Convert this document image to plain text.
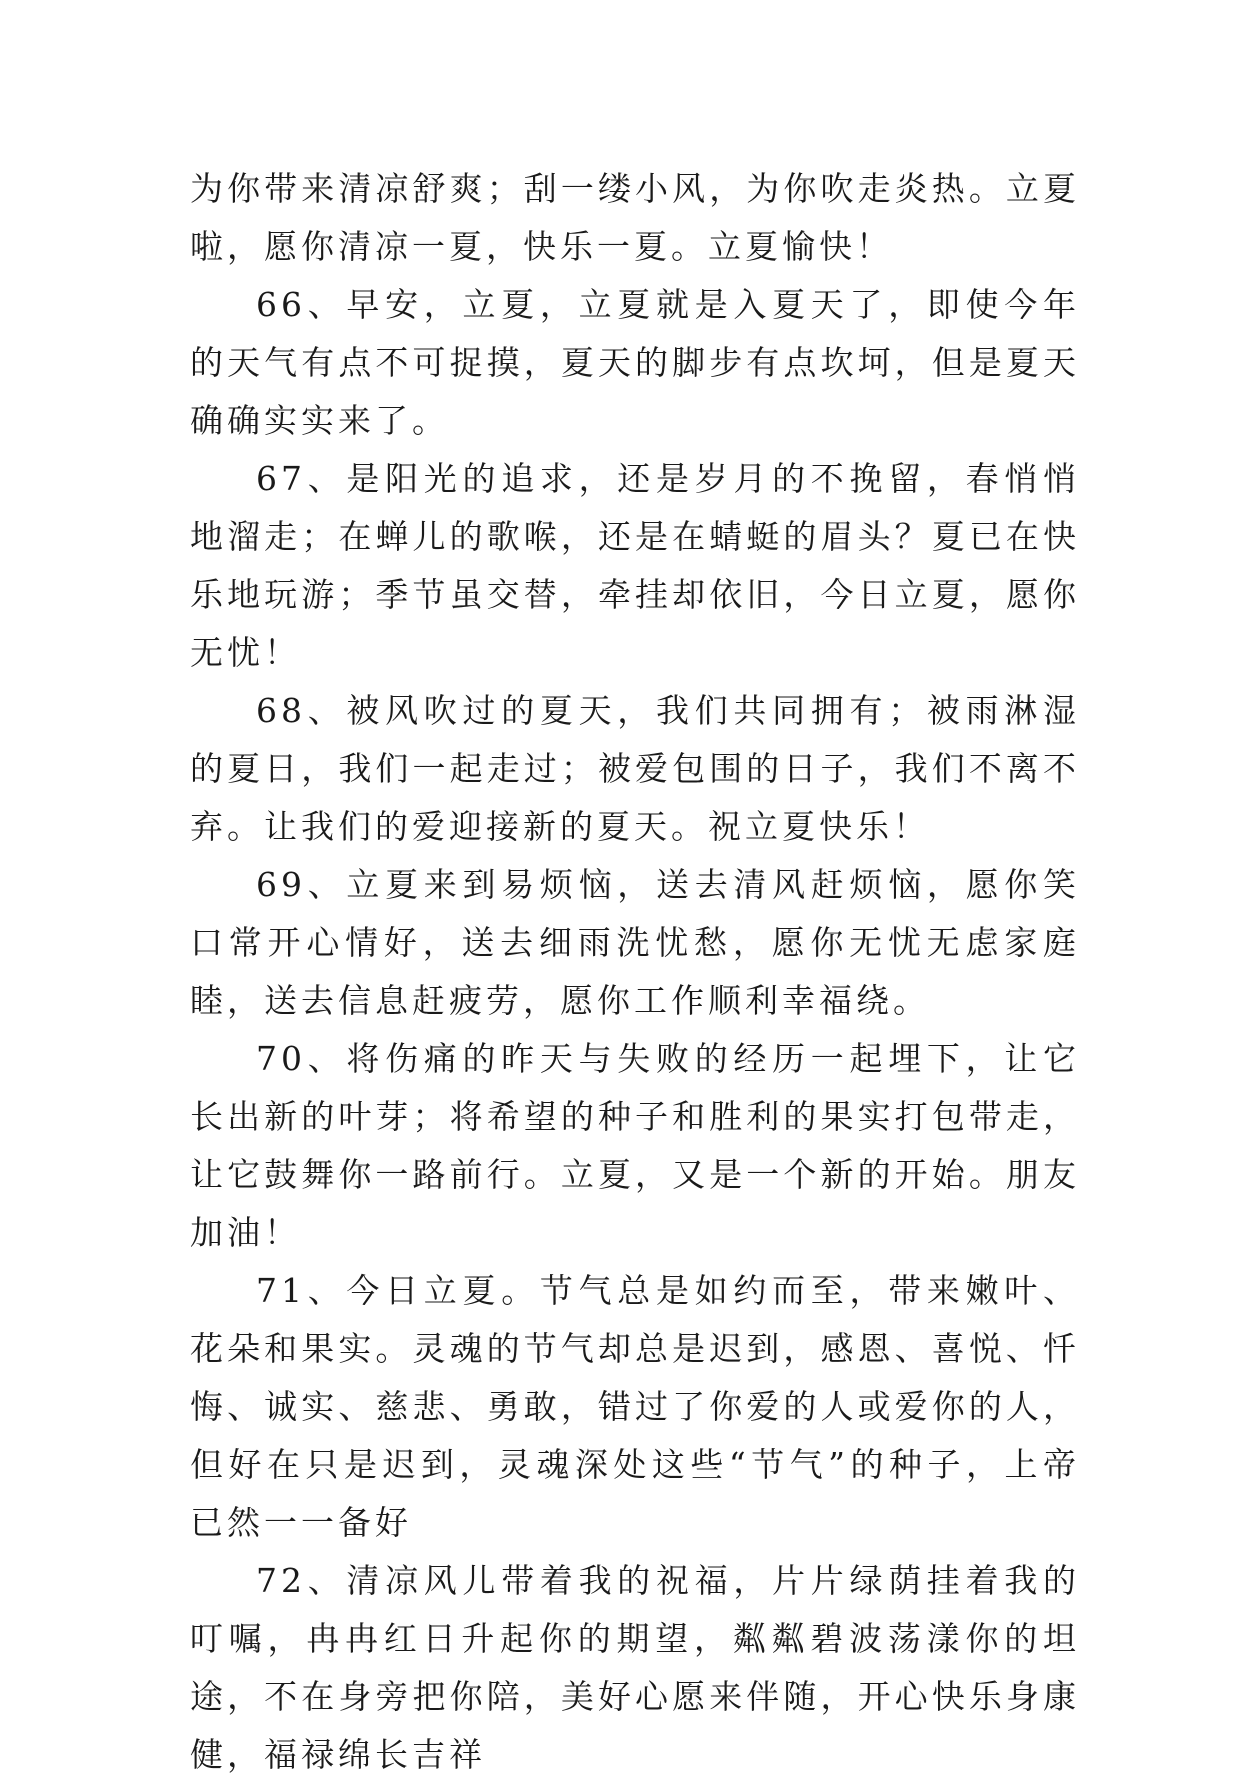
为你带来清凉舒爽；刮一缕小风，为你吹走炎热。立夏啦，愿你清凉一夏，快乐一夏。立夏愉快！

66、早安，立夏，立夏就是入夏天了，即使今年的天气有点不可捉摸，夏天的脚步有点坎坷，但是夏天确确实实来了。

67、是阳光的追求，还是岁月的不挽留，春悄悄地溜走；在蝉儿的歌喉，还是在蜻蜓的眉头？夏已在快乐地玩游；季节虽交替，牵挂却依旧，今日立夏，愿你无忧！

68、被风吹过的夏天，我们共同拥有；被雨淋湿的夏日，我们一起走过；被爱包围的日子，我们不离不弃。让我们的爱迎接新的夏天。祝立夏快乐！

69、立夏来到易烦恼，送去清风赶烦恼，愿你笑口常开心情好，送去细雨洗忧愁，愿你无忧无虑家庭睦，送去信息赶疲劳，愿你工作顺利幸福绕。

70、将伤痛的昨天与失败的经历一起埋下，让它长出新的叶芽；将希望的种子和胜利的果实打包带走，让它鼓舞你一路前行。立夏，又是一个新的开始。朋友加油！

71、今日立夏。节气总是如约而至，带来嫩叶、花朵和果实。灵魂的节气却总是迟到，感恩、喜悦、忏悔、诚实、慈悲、勇敢，错过了你爱的人或爱你的人，但好在只是迟到，灵魂深处这些“节气”的种子，上帝已然一一备好

72、清凉风儿带着我的祝福，片片绿荫挂着我的叮嘱，冉冉红日升起你的期望，粼粼碧波荡漾你的坦途，不在身旁把你陪，美好心愿来伴随，开心快乐身康健，福禄绵长吉祥
